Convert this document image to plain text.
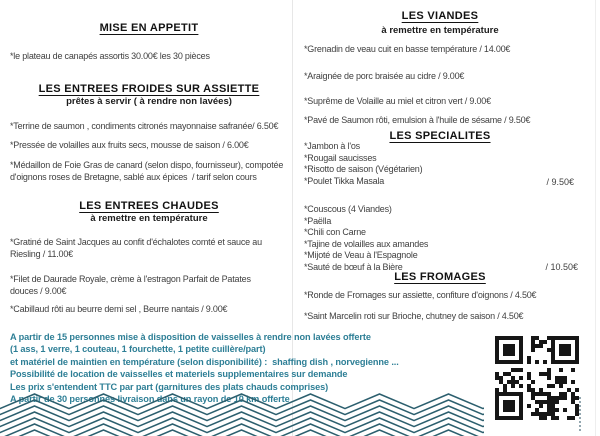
MISE EN APPETIT
*le plateau de canapés assortis 30.00€ les 30 pièces
LES ENTREES FROIDES SUR ASSIETTE
prêtes à servir ( à rendre non lavées)
*Terrine de saumon , condiments citronés mayonnaise safranée/ 6.50€
*Pressée de volailles aux fruits secs, mousse de saison / 6.00€
*Médaillon de Foie Gras de canard (selon dispo, fournisseur), compotée
d'oignons roses de Bretagne, sablé aux épices  / tarif selon cours
LES ENTREES CHAUDES
à remettre en température
*Gratiné de Saint Jacques au confit d'échalotes comté et sauce au
Riesling / 11.00€
*Filet de Daurade Royale, crème à l'estragon Parfait de Patates
douces / 9.00€
*Cabillaud rôti au beurre demi sel , Beurre nantais / 9.00€
A partir de 15 personnes mise à disposition de vaisselles à rendre non lavées offerte
(1 ass, 1 verre, 1 couteau, 1 fourchette, 1 petite cuillère/part)
et matériel de maintien en température (selon disponibilité) :  shaffing dish , norvegienne ...
Possibilité de location de vaisselles et materiels supplementaires sur demande
Les prix s'entendent TTC par part (garnitures des plats chauds comprises)
LES VIANDES
à remettre en température
*Grenadin de veau cuit en basse température / 14.00€
*Araignée de porc braisée au cidre / 9.00€
*Suprême de Volaille au miel et citron vert / 9.00€
*Pavé de Saumon rôti, emulsion à l'huile de sésame / 9.50€
LES SPECIALITES
*Jambon à l'os
*Rougail saucisses
*Risotto de saison (Végétarien)
*Poulet Tikka Masala	/ 9.50€
*Couscous (4 Viandes)
*Paëlla
*Chili con Carne
*Tajine de volailles aux amandes
*Mijoté de Veau à l'Espagnole
*Sauté de bœuf à la Bière	/ 10.50€
LES FROMAGES
*Ronde de Fromages sur assiette, confiture d'oignons / 4.50€
*Saint Marcelin roti sur Brioche, chutney de saison / 4.50€
